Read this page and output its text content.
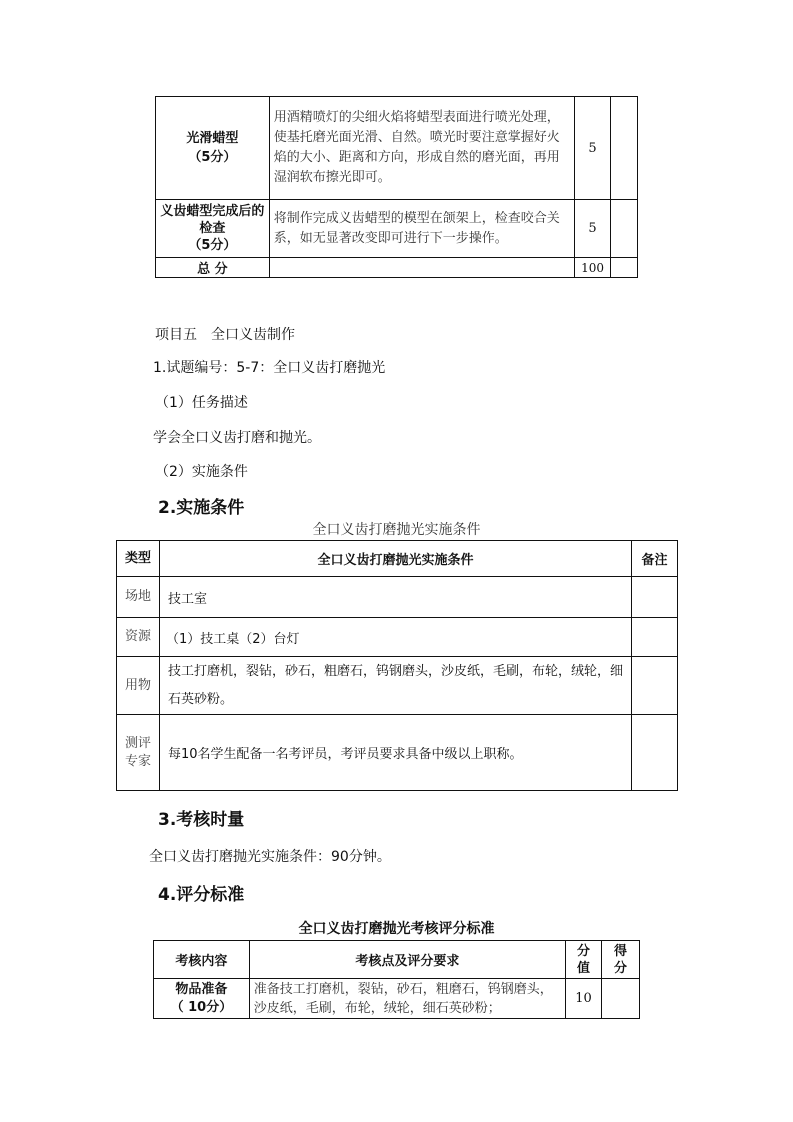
光滑蜡型
（5分）	用酒精喷灯的尖细火焰将蜡型表面进行喷光处理，使基托磨光面光滑、自然。喷光时要注意掌握好火焰的大小、距离和方向，形成自然的磨光面，再用湿润软布擦光即可。	5	

义齿蜡型完成后的检查
（5分）	将制作完成义齿蜡型的模型在颌架上，检查咬合关系，如无显著改变即可进行下一步操作。	5	
总 分		100	
项目五　全口义齿制作
1.试题编号：5-7：全口义齿打磨抛光
（1）任务描述
学会全口义齿打磨和抛光。
（2）实施条件
2.实施条件
全口义齿打磨抛光实施条件
类型	全口义齿打磨抛光实施条件	备注
场地	技工室	
资源	（1）技工桌（2）台灯	
用物	技工打磨机，裂钻，砂石，粗磨石，钨钢磨头，沙皮纸，毛刷，布轮，绒轮，细石英砂粉。	
测评专家	每10名学生配备一名考评员，考评员要求具备中级以上职称。	
3.考核时量
全口义齿打磨抛光实施条件：90分钟。
4.评分标准
全口义齿打磨抛光考核评分标准
考核内容	考核点及评分要求	分值	得分

物品准备
（ 10分）	准备技工打磨机，裂钻，砂石，粗磨石，钨钢磨头，沙皮纸，毛刷，布轮，绒轮，细石英砂粉；	10	
